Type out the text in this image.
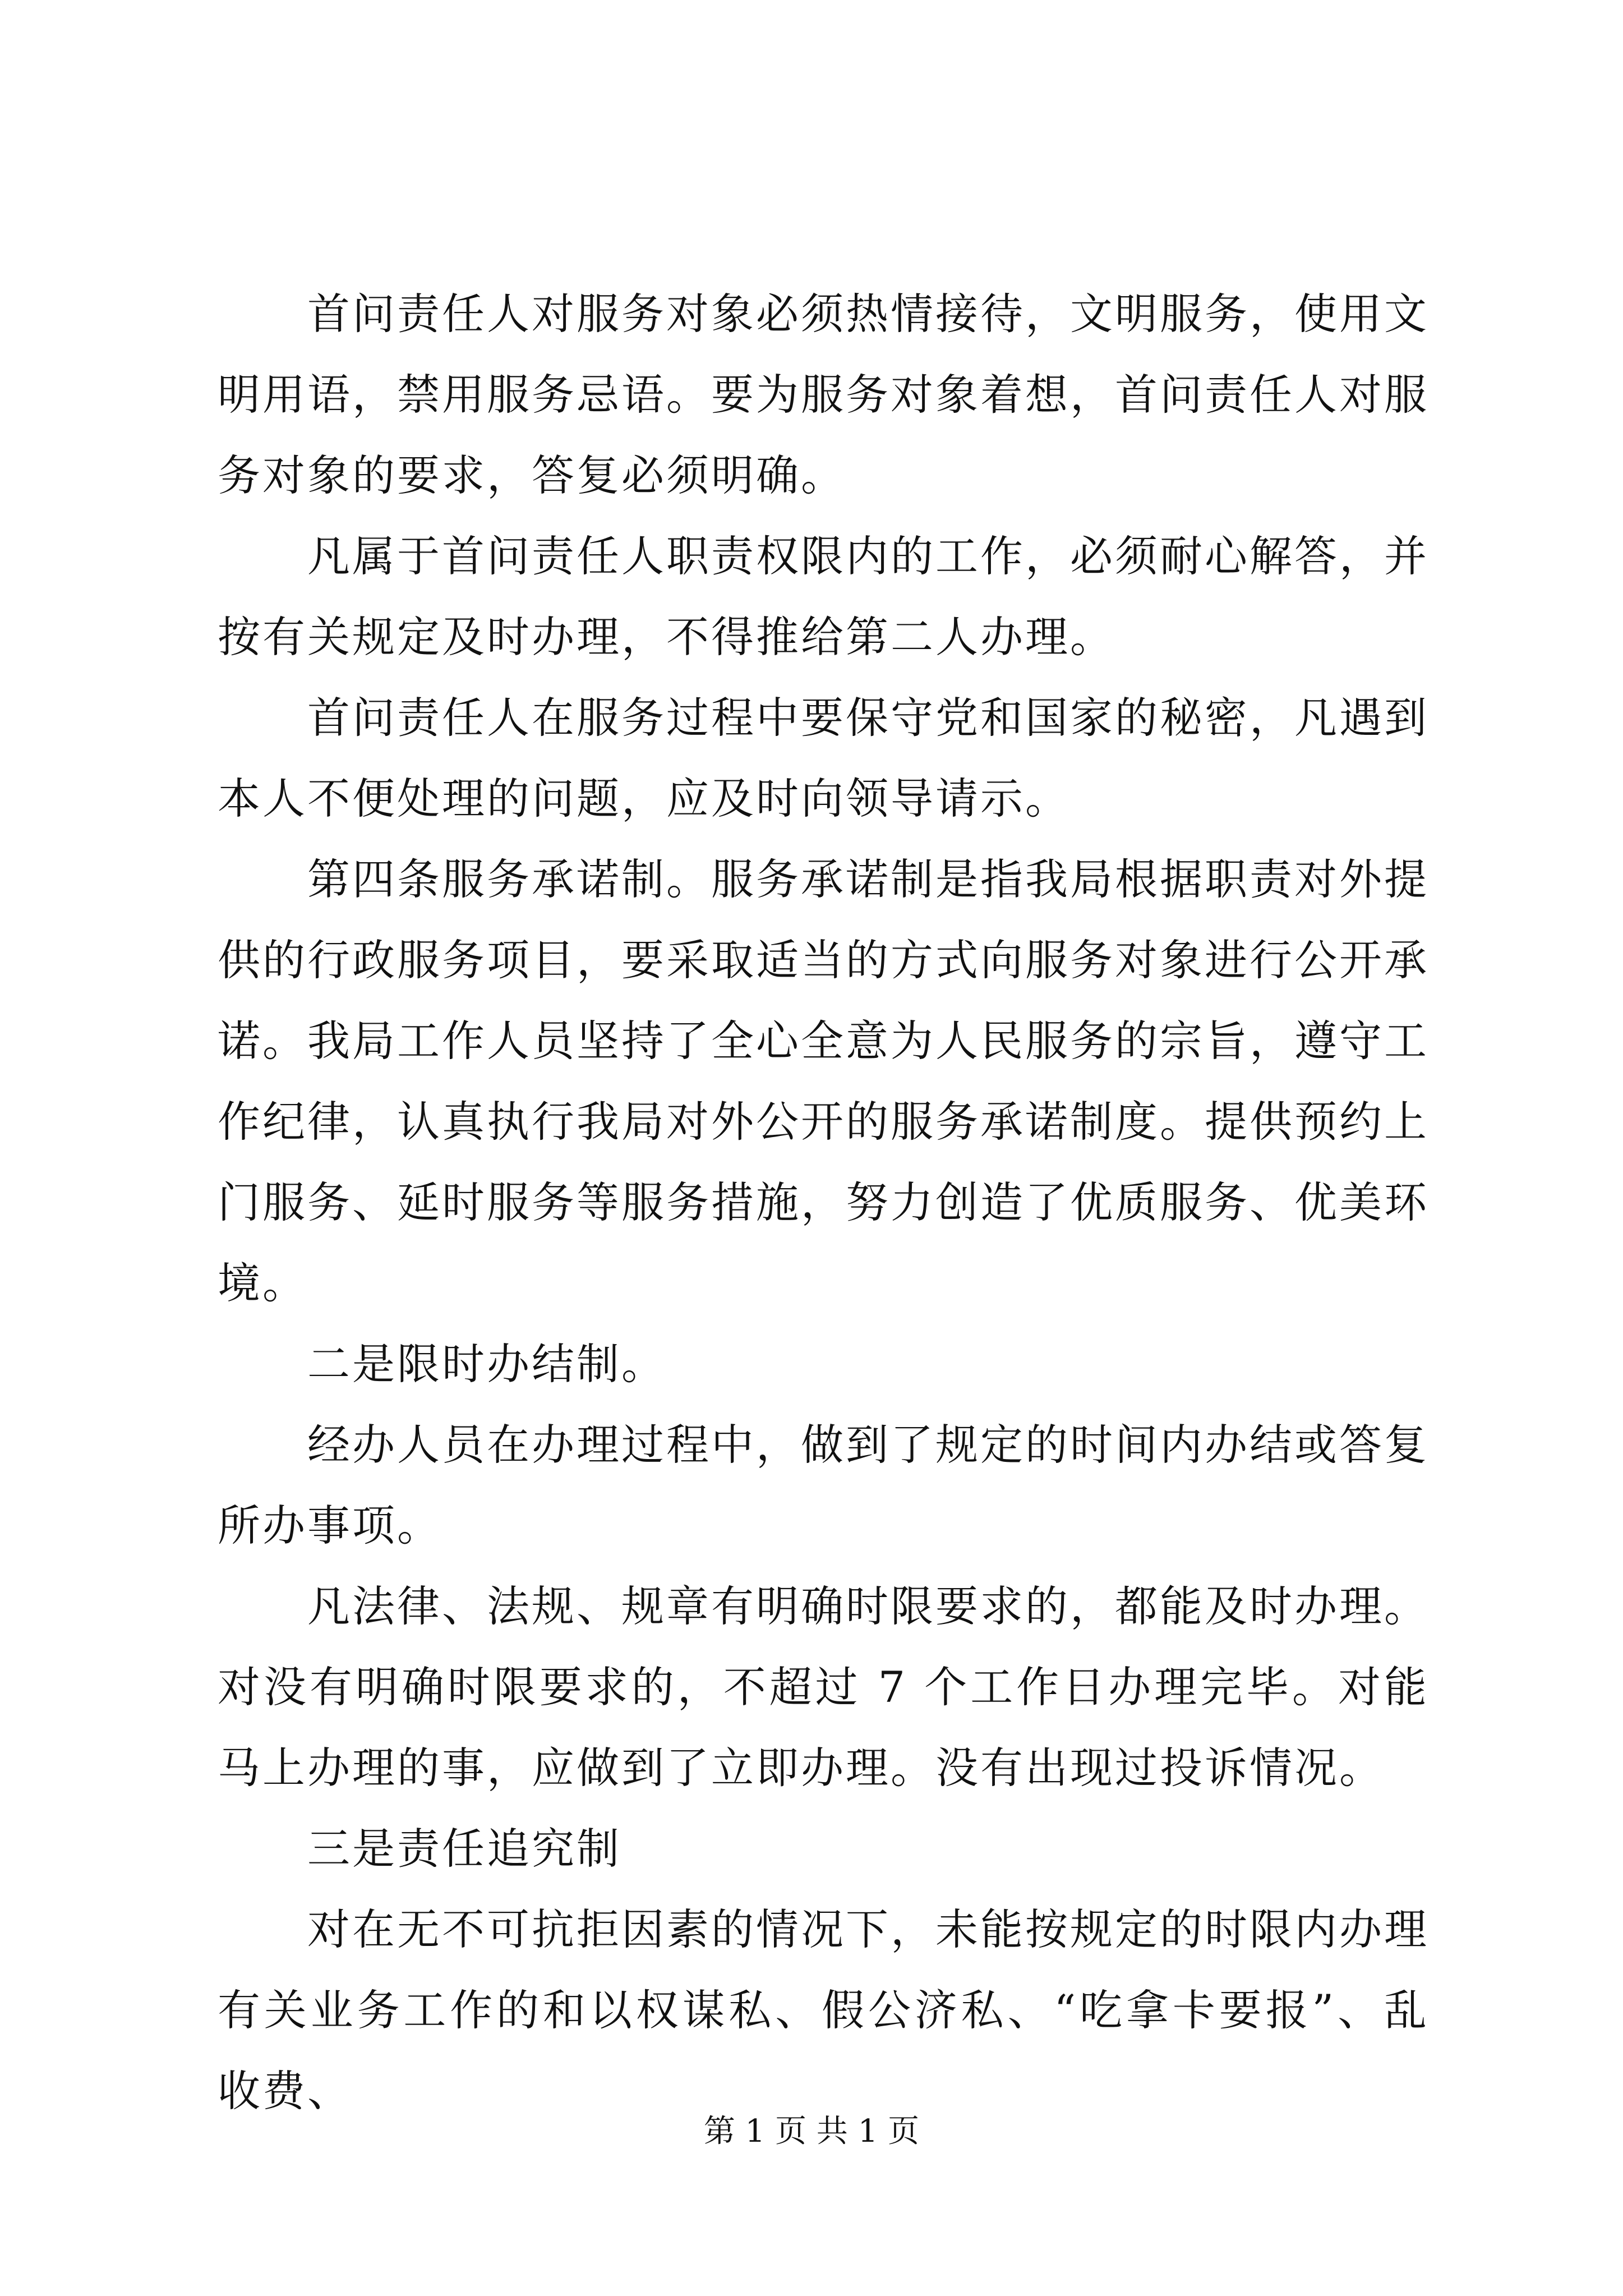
首问责任人对服务对象必须热情接待，文明服务，使用文明用语，禁用服务忌语。要为服务对象着想，首问责任人对服务对象的要求，答复必须明确。

凡属于首问责任人职责权限内的工作，必须耐心解答，并按有关规定及时办理，不得推给第二人办理。

首问责任人在服务过程中要保守党和国家的秘密，凡遇到本人不便处理的问题，应及时向领导请示。

第四条服务承诺制。服务承诺制是指我局根据职责对外提供的行政服务项目，要采取适当的方式向服务对象进行公开承诺。我局工作人员坚持了全心全意为人民服务的宗旨，遵守工作纪律，认真执行我局对外公开的服务承诺制度。提供预约上门服务、延时服务等服务措施，努力创造了优质服务、优美环境。

二是限时办结制。

经办人员在办理过程中，做到了规定的时间内办结或答复所办事项。

凡法律、法规、规章有明确时限要求的，都能及时办理。对没有明确时限要求的，不超过 7 个工作日办理完毕。对能马上办理的事，应做到了立即办理。没有出现过投诉情况。

三是责任追究制

对在无不可抗拒因素的情况下，未能按规定的时限内办理有关业务工作的和以权谋私、假公济私、“吃拿卡要报”、乱收费、

第 1 页 共 1 页
